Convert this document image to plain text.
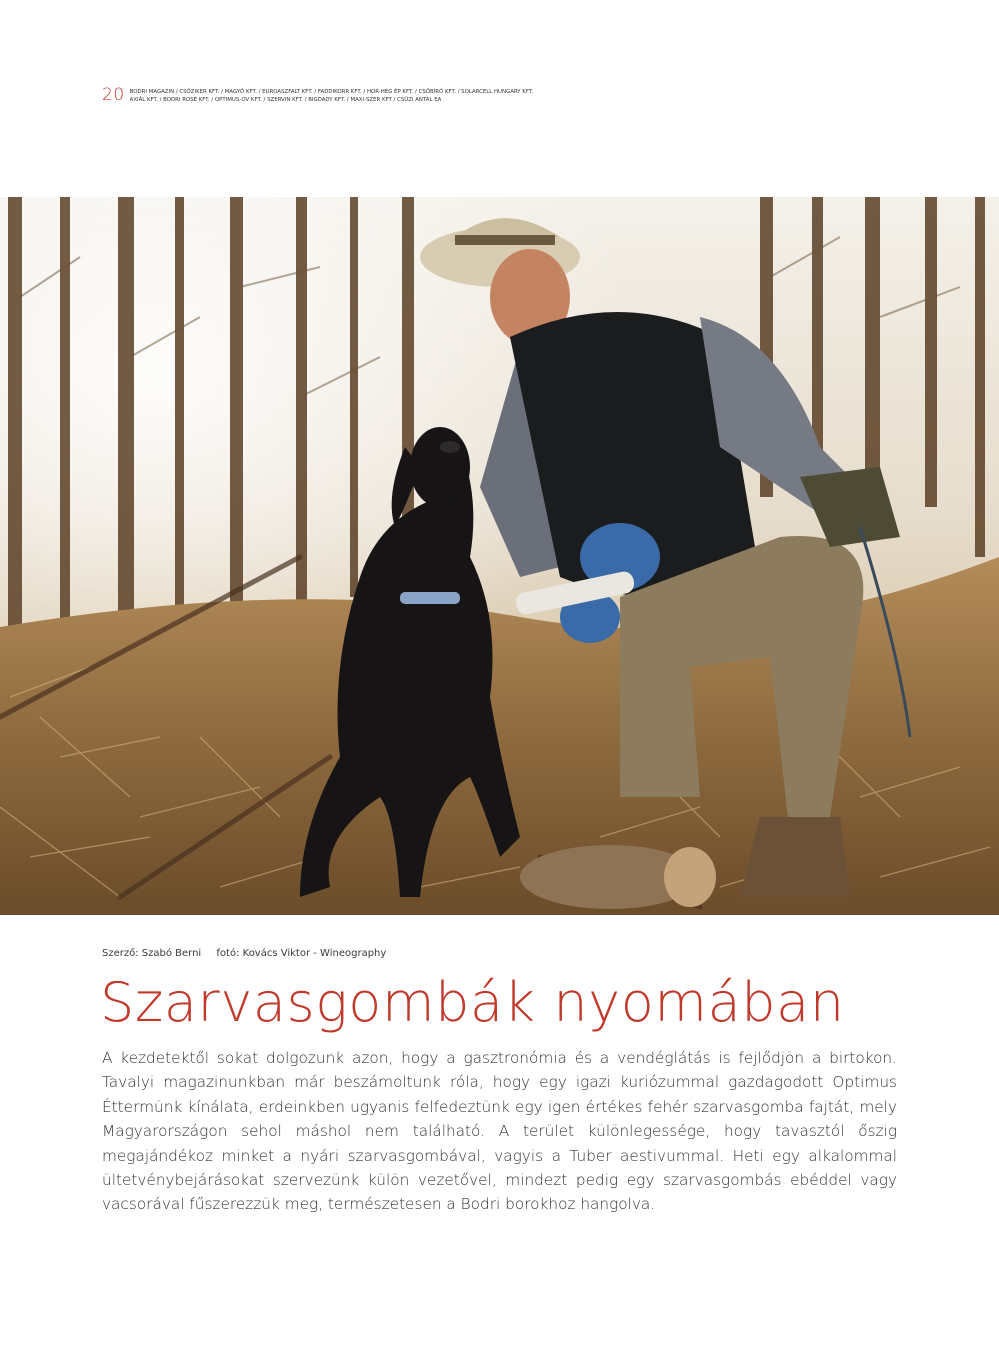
20 BODRI MAGAZIN / CSŐZIKER KFT. / MAGYŐ KFT. / EUROASZFALT KFT. / FADDIKORR KFT. / HOR-HEG ÉP KFT. / CSŐBÍRÓ KFT. / SOLARCELL HUNGARY KFT.
AXIÁL KFT. / BODRI ROSÉ KFT. / OPTIMUS-OV KFT. / SZERVIN KFT. / BIGDADY KFT. / MAXI-SZER KFT / CSŰZI ANTAL EA
Szerző: Szabó Berni fotó: Kovács Viktor - Wineography
Szarvasgombák nyomában

A kezdetektől sokat dolgozunk azon, hogy a gasztronómia és a vendéglátás is fejlődjön a birtokon. Tavalyi magazinunkban már beszámoltunk róla, hogy egy igazi kuriózummal gazdagodott Optimus Éttermünk kínálata, erdeinkben ugyanis felfedeztünk egy igen értékes fehér szarvasgomba fajtát, mely Magyarországon sehol máshol nem található. A terület különlegessége, hogy tavasztól őszig megajándékoz minket a nyári szarvasgombával, vagyis a Tuber aestivummal. Heti egy alkalommal ültetvénybejárásokat szervezünk külön vezetővel, mindezt pedig egy szarvasgombás ebéddel vagy vacsorával fűszerezzük meg, természetesen a Bodri borokhoz hangolva.
